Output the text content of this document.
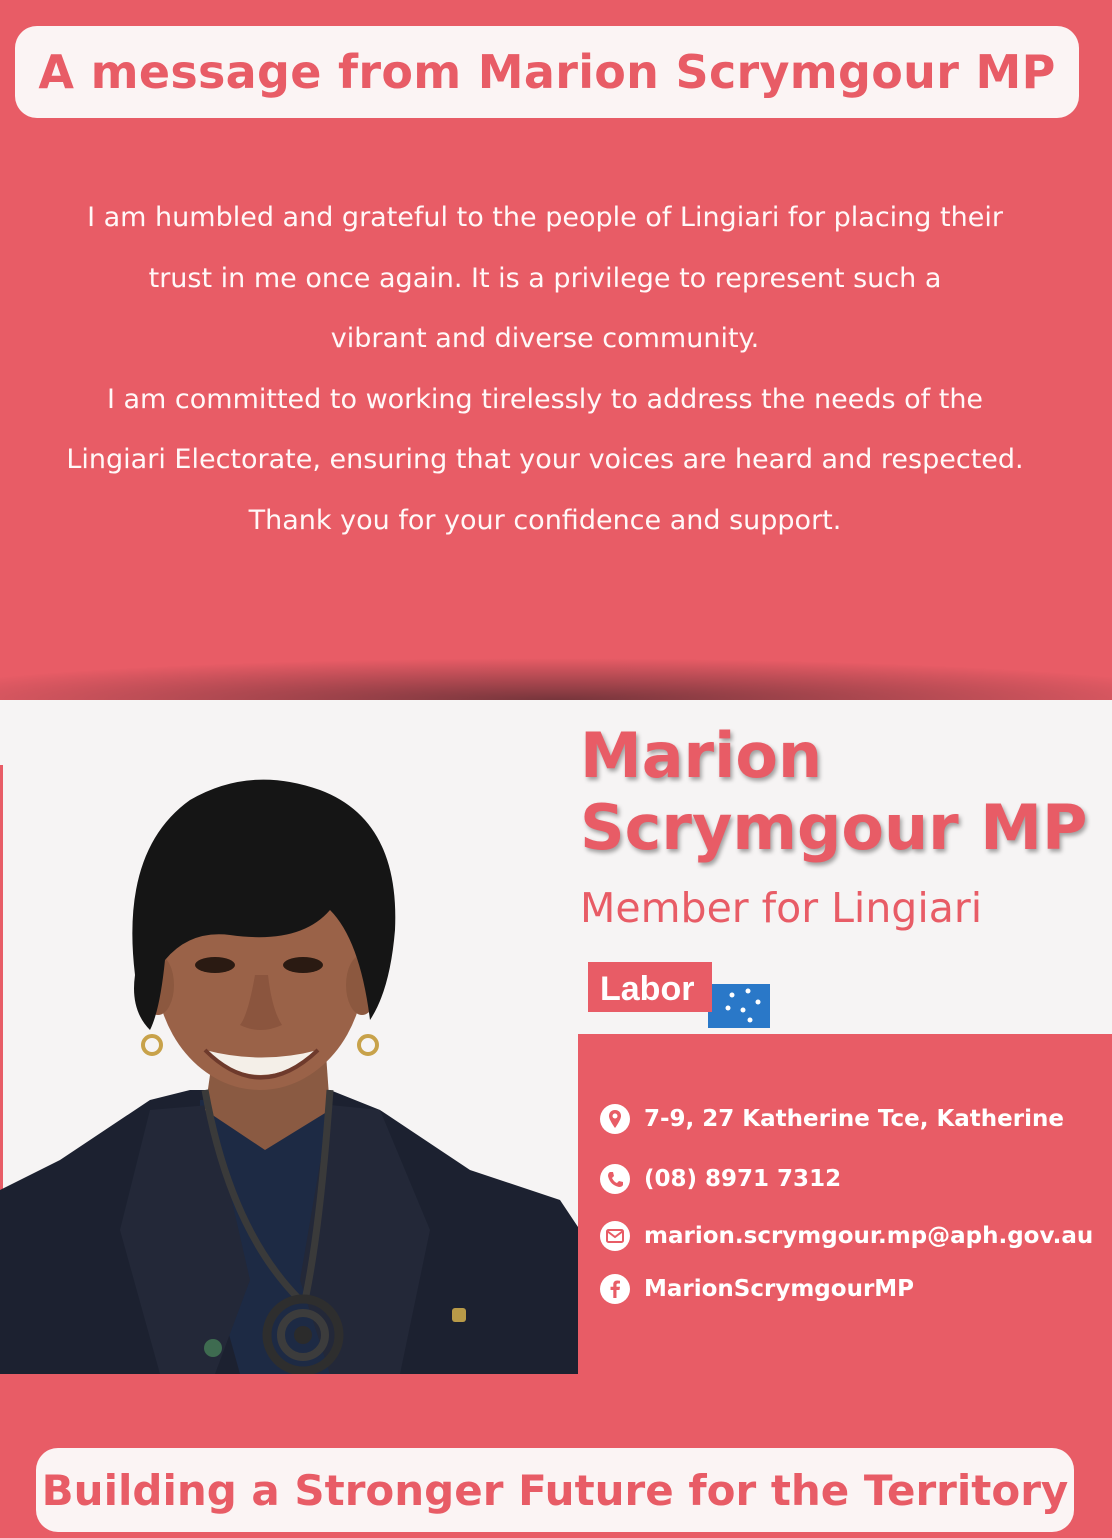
A message from Marion Scrymgour MP
I am humbled and grateful to the people of Lingiari for placing their
trust in me once again. It is a privilege to represent such a
vibrant and diverse community.
I am committed to working tirelessly to address the needs of the
Lingiari Electorate, ensuring that your voices are heard and respected.
Thank you for your confidence and support.
Marion
Scrymgour MP
Member for Lingiari
Labor
7-9, 27 Katherine Tce, Katherine
(08) 8971 7312
marion.scrymgour.mp@aph.gov.au
MarionScrymgourMP
Building a Stronger Future for the Territory
